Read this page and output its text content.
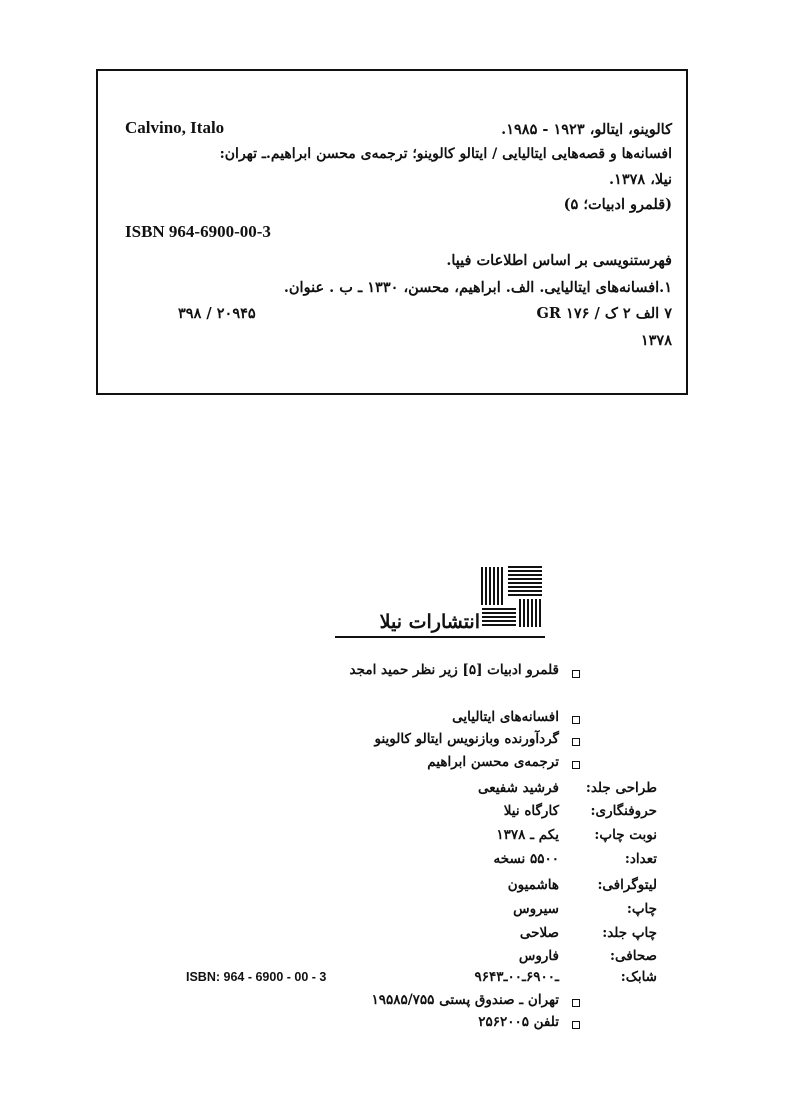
Calvino, Italo	کالوینو، ایتالو، ۱۹۲۳ - ۱۹۸۵.
افسانه‌ها و قصه‌هایی ایتالیایی / ایتالو کالوینو؛ ترجمه‌ی محسن ابراهیم.ـ تهران:
نیلا، ۱۳۷۸.
(قلمرو ادبیات؛ ۵)
ISBN 964-6900-00-3
فهرستنویسی بر اساس اطلاعات فیپا.
۱.افسانه‌های ایتالیایی. الف. ابراهیم، محسن، ۱۳۳۰ ـ ب . عنوان.
۳۹۸ / ۲۰۹۴۵	۷ الف ۲ ک / ۱۷۶ GR
۱۳۷۸
انتشارات نیلا
قلمرو ادبیات [۵] زیر نظر حمید امجد
افسانه‌های ایتالیایی
گردآورنده وبازنویس ایتالو کالوینو
ترجمه‌ی محسن ابراهیم
طراحی جلد:
فرشید شفیعی
حروفنگاری:
کارگاه نیلا
نوبت چاپ:
یکم ـ ۱۳۷۸
تعداد:
۵۵۰۰ نسخه
لیتوگرافی:
هاشمیون
چاپ:
سیروس
چاپ جلد:
صلاحی
صحافی:
فاروس
شابک:
۹۶۴ـ۶۹۰۰ـ۰۰ـ۳
ISBN: 964 - 6900 - 00 - 3
تهران ـ صندوق پستی ۱۹۵۸۵/۷۵۵
تلفن ۲۵۶۲۰۰۵
